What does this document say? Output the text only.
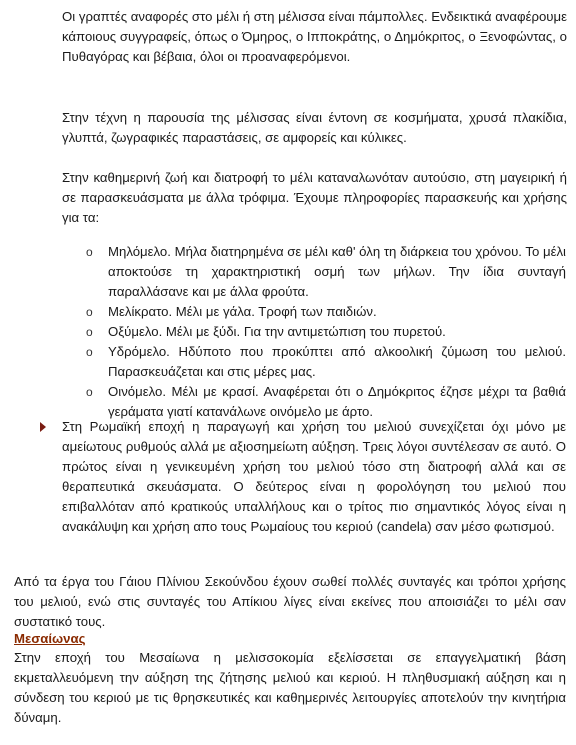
Οι γραπτές αναφορές στο μέλι ή στη μέλισσα είναι πάμπολλες. Ενδεικτικά αναφέρουμε κάποιους συγγραφείς, όπως ο Όμηρος, ο Ιπποκράτης, ο Δημόκριτος, ο Ξενοφώντας, ο Πυθαγόρας και βέβαια, όλοι οι προαναφερόμενοι.

Στην τέχνη η παρουσία της μέλισσας είναι έντονη σε κοσμήματα, χρυσά πλακίδια, γλυπτά, ζωγραφικές παραστάσεις, σε αμφορείς και κύλικες.

Στην καθημερινή ζωή και διατροφή το μέλι καταναλωνόταν αυτούσιο, στη μαγειρική ή σε παρασκευάσματα με άλλα τρόφιμα. Έχουμε πληροφορίες παρασκευής και χρήσης για τα:

o Μηλόμελο. Μήλα διατηρημένα σε μέλι καθ' όλη τη διάρκεια του χρόνου. Το μέλι αποκτούσε τη χαρακτηριστική οσμή των μήλων. Την ίδια συνταγή παραλλάσανε και με άλλα φρούτα.
o Μελίκρατο. Μέλι με γάλα. Τροφή των παιδιών.
o Οξύμελο. Μέλι με ξύδι. Για την αντιμετώπιση του πυρετού.
o Υδρόμελο. Ηδύποτο που προκύπτει από αλκοολική ζύμωση του μελιού. Παρασκευάζεται και στις μέρες μας.
o Οινόμελο. Μέλι με κρασί. Αναφέρεται ότι ο Δημόκριτος έζησε μέχρι τα βαθιά γεράματα γιατί κατανάλωνε οινόμελο με άρτο.

Στη Ρωμαϊκή εποχή η παραγωγή και χρήση του μελιού συνεχίζεται όχι μόνο με αμείωτους ρυθμούς αλλά με αξιοσημείωτη αύξηση. Τρεις λόγοι συντέλεσαν σε αυτό. Ο πρώτος είναι η γενικευμένη χρήση του μελιού τόσο στη διατροφή αλλά και σε θεραπευτικά σκευάσματα. Ο δεύτερος είναι η φορολόγηση του μελιού που επιβαλλόταν από κρατικούς υπαλλήλους και ο τρίτος πιο σημαντικός λόγος είναι η ανακάλυψη και χρήση απο τους Ρωμαίους του κεριού (candela) σαν μέσο φωτισμού.

Από τα έργα του Γάιου Πλίνιου Σεκούνδου έχουν σωθεί πολλές συνταγές και τρόποι χρήσης του μελιού, ενώ στις συνταγές του Απίκιου λίγες είναι εκείνες που αποισιάζει το μέλι σαν συστατικό τους.

Μεσαίωνας

Στην εποχή του Μεσαίωνα η μελισσοκομία εξελίσσεται σε επαγγελματική βάση εκμεταλλευόμενη την αύξηση της ζήτησης μελιού και κεριού. Η πληθυσμιακή αύξηση και η σύνδεση του κεριού με τις θρησκευτικές και καθημερινές λειτουργίες αποτελούν την κινητήρια δύναμη.
